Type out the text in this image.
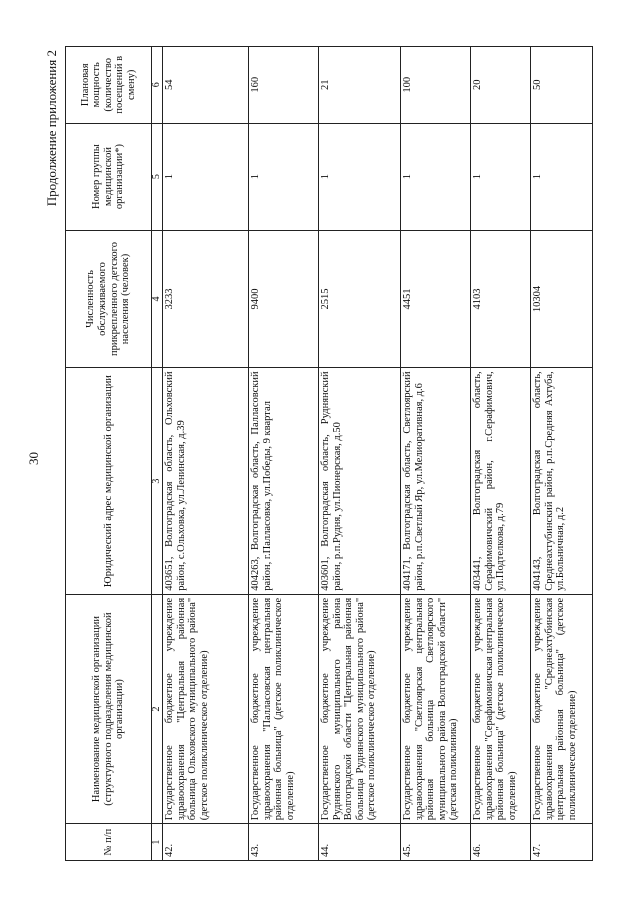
30
Продолжение приложения 2
№ п/п	Наименование медицинской организации (структурного подразделения медицинской организации)	Юридический адрес медицинской организации	Численность обслуживаемого прикрепленного детского населения (человек)	Номер группы медицинской организации*)	Плановая мощность (количество посещений в смену)
1	2	3	4	5	6
42.	Государственное бюджетное учреждение здравоохранения "Центральная районная больница Ольховского муниципального района" (детское поликлиническое отделение)	403651, Волгоградская область, Ольховский район, с.Ольховка, ул.Ленинская, д.39	3233	1	54
43.	Государственное бюджетное учреждение здравоохранения "Палласовская центральная районная больница" (детское поликлиническое отделение)	404263, Волгоградская область, Палласовский район, г.Палласовка, ул.Победы, 9 квартал	9400	1	160
44.	Государственное бюджетное учреждение Руднянского муниципального района Волгоградской области "Центральная районная больница Руднянского муниципального района" (детское поликлиническое отделение)	403601, Волгоградская область, Руднянский район, р.п.Рудня, ул.Пионерская, д.50	2515	1	21
45.	Государственное бюджетное учреждение здравоохранения "Светлоярская центральная районная больница Светлоярского муниципального района Волгоградской области" (детская поликлиника)	404171, Волгоградская область, Светлоярский район, р.п.Светлый Яр, ул.Мелиоративная, д.6	4451	1	100
46.	Государственное бюджетное учреждение здравоохранения "Серафимовичская центральная районная больница" (детское поликлиническое отделение)	403441, Волгоградская область, Серафимовичский район, г.Серафимович, ул.Подтелкова, д.79	4103	1	20
47.	Государственное бюджетное учреждение здравоохранения "Среднеахтубинская центральная районная больница" (детское поликлиническое отделение)	404143, Волгоградская область, Среднеахтубинский район, р.п.Средняя Ахтуба, ул.Больничная, д.2	10304	1	50
